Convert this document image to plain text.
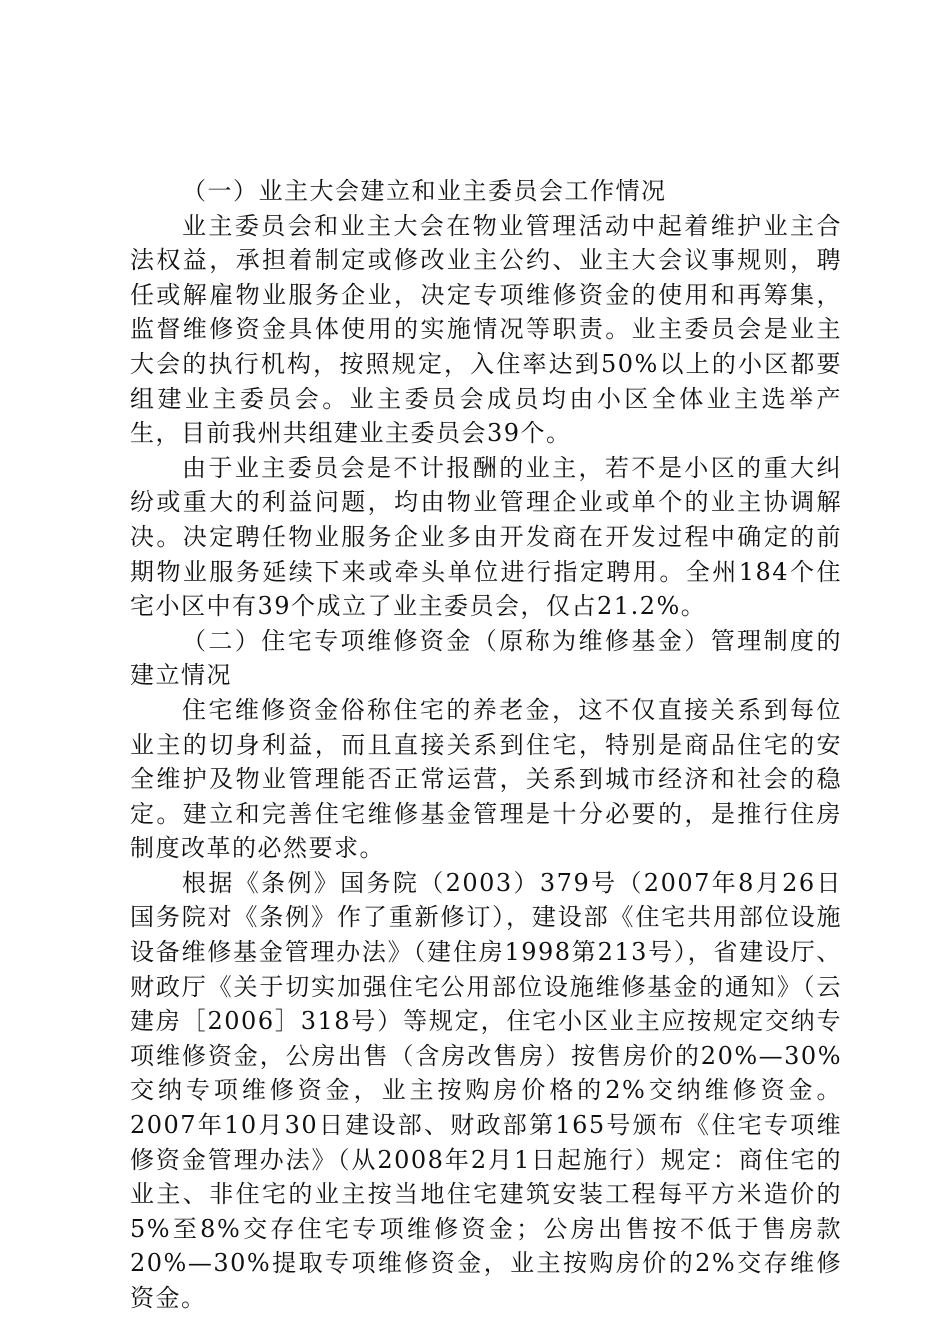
（一）业主大会建立和业主委员会工作情况

业主委员会和业主大会在物业管理活动中起着维护业主合法权益，承担着制定或修改业主公约、业主大会议事规则，聘任或解雇物业服务企业，决定专项维修资金的使用和再筹集，监督维修资金具体使用的实施情况等职责。业主委员会是业主大会的执行机构，按照规定，入住率达到50%以上的小区都要组建业主委员会。业主委员会成员均由小区全体业主选举产生，目前我州共组建业主委员会39个。

由于业主委员会是不计报酬的业主，若不是小区的重大纠纷或重大的利益问题，均由物业管理企业或单个的业主协调解决。决定聘任物业服务企业多由开发商在开发过程中确定的前期物业服务延续下来或牵头单位进行指定聘用。全州184个住宅小区中有39个成立了业主委员会，仅占21.2%。

（二）住宅专项维修资金（原称为维修基金）管理制度的建立情况

住宅维修资金俗称住宅的养老金，这不仅直接关系到每位业主的切身利益，而且直接关系到住宅，特别是商品住宅的安全维护及物业管理能否正常运营，关系到城市经济和社会的稳定。建立和完善住宅维修基金管理是十分必要的，是推行住房制度改革的必然要求。

根据《条例》国务院（2003）379号（2007年8月26日国务院对《条例》作了重新修订），建设部《住宅共用部位设施设备维修基金管理办法》（建住房1998第213号），省建设厅、财政厅《关于切实加强住宅公用部位设施维修基金的通知》（云建房［2006］318号）等规定，住宅小区业主应按规定交纳专项维修资金，公房出售（含房改售房）按售房价的20%—30%交纳专项维修资金，业主按购房价格的2%交纳维修资金。2007年10月30日建设部、财政部第165号颁布《住宅专项维修资金管理办法》（从2008年2月1日起施行）规定：商住宅的业主、非住宅的业主按当地住宅建筑安装工程每平方米造价的5%至8%交存住宅专项维修资金；公房出售按不低于售房款20%—30%提取专项维修资金，业主按购房价的2%交存维修资金。
